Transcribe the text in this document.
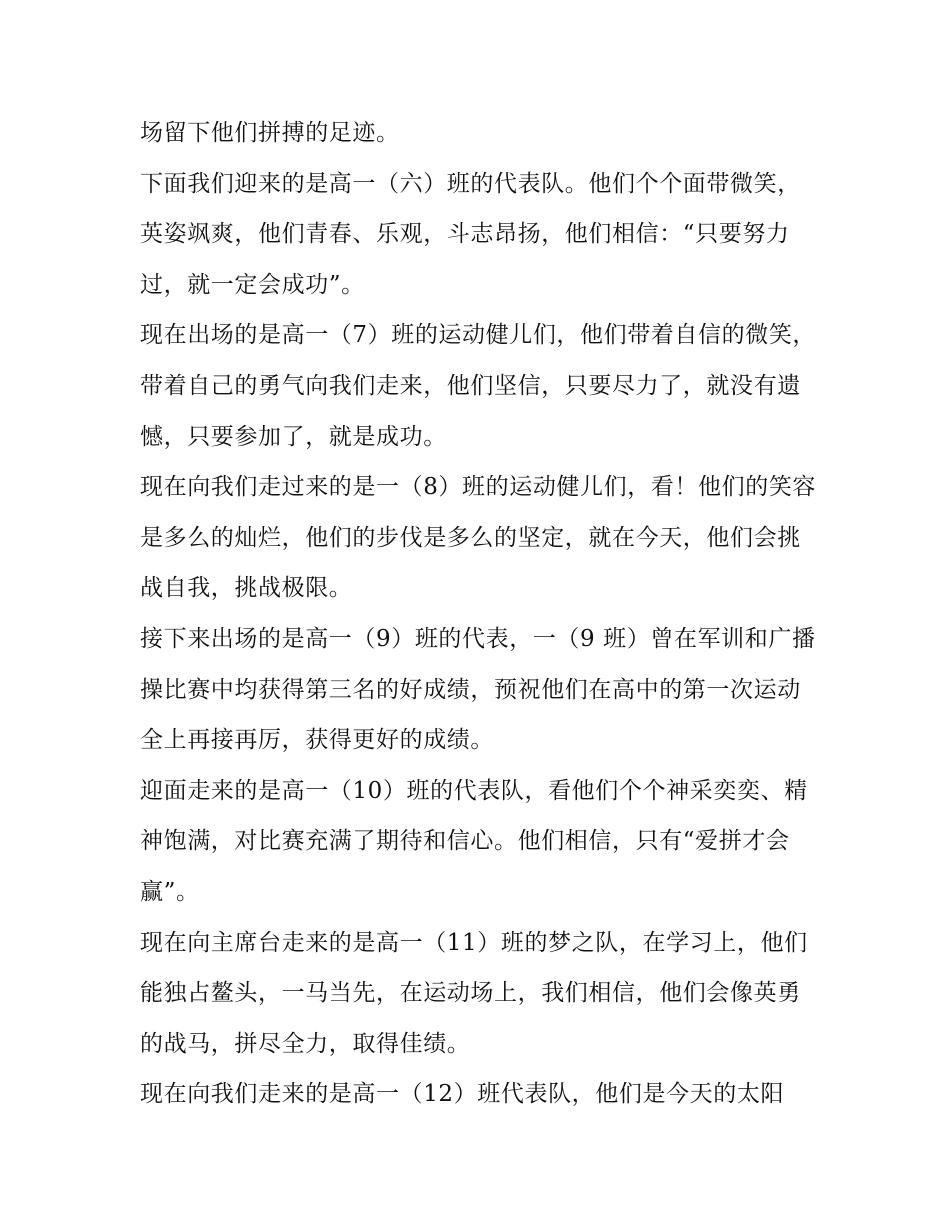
场留下他们拼搏的足迹。

下面我们迎来的是高一（六）班的代表队。他们个个面带微笑，英姿飒爽，他们青春、乐观，斗志昂扬，他们相信：“只要努力过，就一定会成功”。

现在出场的是高一（7）班的运动健儿们，他们带着自信的微笑，带着自己的勇气向我们走来，他们坚信，只要尽力了，就没有遗憾，只要参加了，就是成功。

现在向我们走过来的是一（8）班的运动健儿们，看！他们的笑容是多么的灿烂，他们的步伐是多么的坚定，就在今天，他们会挑战自我，挑战极限。

接下来出场的是高一（9）班的代表，一（9 班）曾在军训和广播操比赛中均获得第三名的好成绩，预祝他们在高中的第一次运动全上再接再厉，获得更好的成绩。

迎面走来的是高一（10）班的代表队，看他们个个神采奕奕、精神饱满，对比赛充满了期待和信心。他们相信，只有“爱拼才会赢”。

现在向主席台走来的是高一（11）班的梦之队，在学习上，他们能独占鳌头，一马当先，在运动场上，我们相信，他们会像英勇的战马，拼尽全力，取得佳绩。

现在向我们走来的是高一（12）班代表队，他们是今天的太阳
